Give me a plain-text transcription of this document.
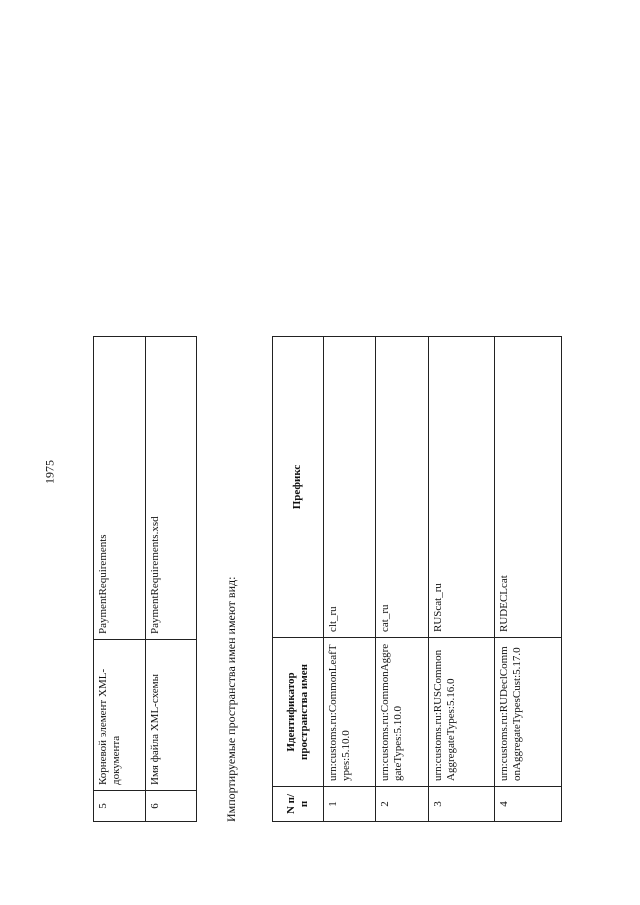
1975
5	Корневой элемент XML-документа	PaymentRequirements
6	Имя файла XML-схемы	PaymentRequirements.xsd
Импортируемые пространства имен имеют вид:	N п/п	Идентификатор пространства имен	Префикс
1	urn:customs.ru:CommonLeafTypes:5.10.0	clt_ru
2	urn:customs.ru:CommonAggregateTypes:5.10.0	cat_ru
3	urn:customs.ru:RUSCommonAggregateTypes:5.16.0	RUScat_ru
4	urn:customs.ru:RUDeclCommonAggregateTypesCust:5.17.0	RUDECLcat
